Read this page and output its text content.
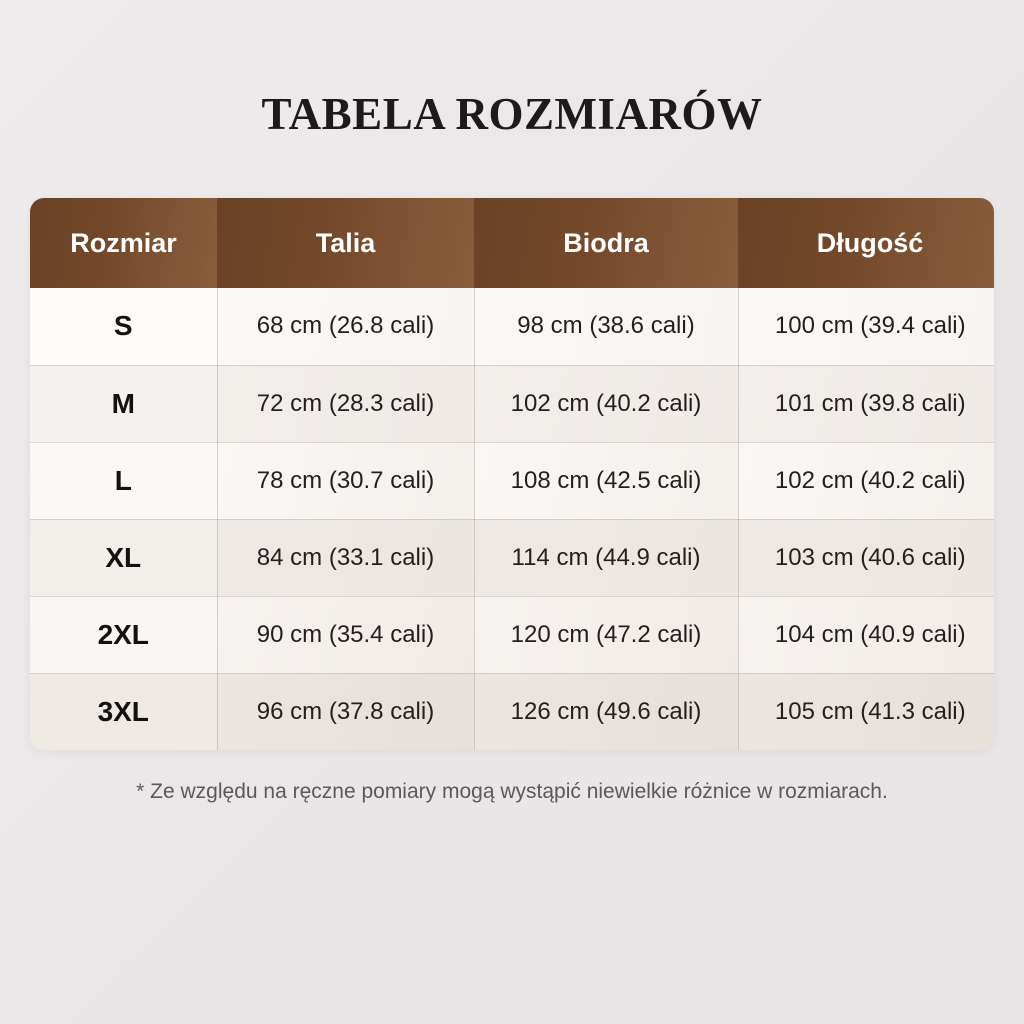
TABELA ROZMIARÓW
Rozmiar	Talia	Biodra	Długość
S	68 cm (26.8 cali)	98 cm (38.6 cali)	100 cm (39.4 cali)
M	72 cm (28.3 cali)	102 cm (40.2 cali)	101 cm (39.8 cali)
L	78 cm (30.7 cali)	108 cm (42.5 cali)	102 cm (40.2 cali)
XL	84 cm (33.1 cali)	114 cm (44.9 cali)	103 cm (40.6 cali)
2XL	90 cm (35.4 cali)	120 cm (47.2 cali)	104 cm (40.9 cali)
3XL	96 cm (37.8 cali)	126 cm (49.6 cali)	105 cm (41.3 cali)
* Ze względu na ręczne pomiary mogą wystąpić niewielkie różnice w rozmiarach.
